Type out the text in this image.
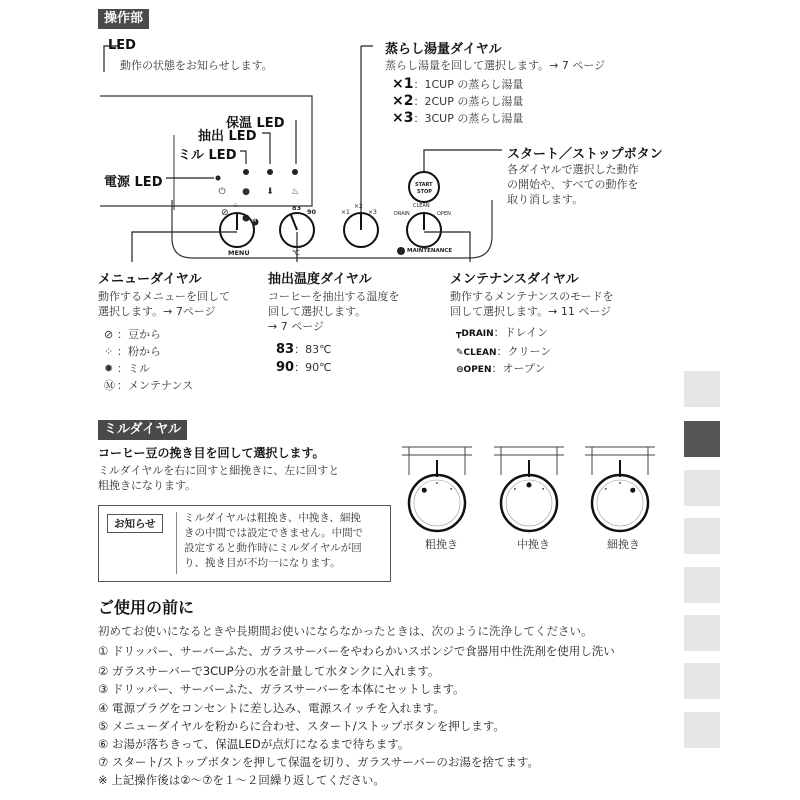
操作部
LED
動作の状態をお知らせします。
蒸らし湯量ダイヤル
蒸らし湯量を回して選択します。→ 7 ページ
×1：1CUP の蒸らし湯量
×2：2CUP の蒸らし湯量
×3：3CUP の蒸らし湯量
スタート／ストップボタン
各ダイヤルで選択した動作
の開始や、すべての動作を
取り消します。
⏻ ● ⬇ ♨
⊘
⁘
保温 LED
抽出 LED
ミル LED
電源 LED
MENU	℃
83 90	×1
×2
×3
START
STOP
CLEAN
DRAIN	OPEN
MAINTENANCE
M
メニューダイヤル
動作するメニューを回して
選択します。→ 7ページ
⊘ ：豆から
⁘ ：粉から
✹ ：ミル
Ⓜ ：メンテナンス
抽出温度ダイヤル
コーヒーを抽出する温度を
回して選択します。
→ 7 ページ
83：83℃
90：90℃
メンテナンスダイヤル
動作するメンテナンスのモードを
回して選択します。→ 11 ページ
┳DRAIN：ドレイン
✎CLEAN：クリーン
⊖OPEN：オープン
ミルダイヤル
コーヒー豆の挽き目を回して選択します。
ミルダイヤルを右に回すと細挽きに、左に回すと
粗挽きになります。
お知らせ	ミルダイヤルは粗挽き、中挽き、細挽
きの中間では設定できません。中間で
設定すると動作時にミルダイヤルが回
り、挽き目が不均一になります。
粗挽き	中挽き	細挽き
ご使用の前に
初めてお使いになるときや長期間お使いにならなかったときは、次のように洗浄してください。
① ドリッパー、サーバーふた、ガラスサーバーをやわらかいスポンジで食器用中性洗剤を使用し洗い
② ガラスサーバーで3CUP分の水を計量して水タンクに入れます。
③ ドリッパー、サーバーふた、ガラスサーバーを本体にセットします。
④ 電源プラグをコンセントに差し込み、電源スイッチを入れます。
⑤ メニューダイヤルを粉からに合わせ、スタート/ストップボタンを押します。
⑥ お湯が落ちきって、保温LEDが点灯になるまで待ちます。
⑦ スタート/ストップボタンを押して保温を切り、ガラスサーバーのお湯を捨てます。
※ 上記操作後は②〜⑦を１〜２回繰り返してください。
